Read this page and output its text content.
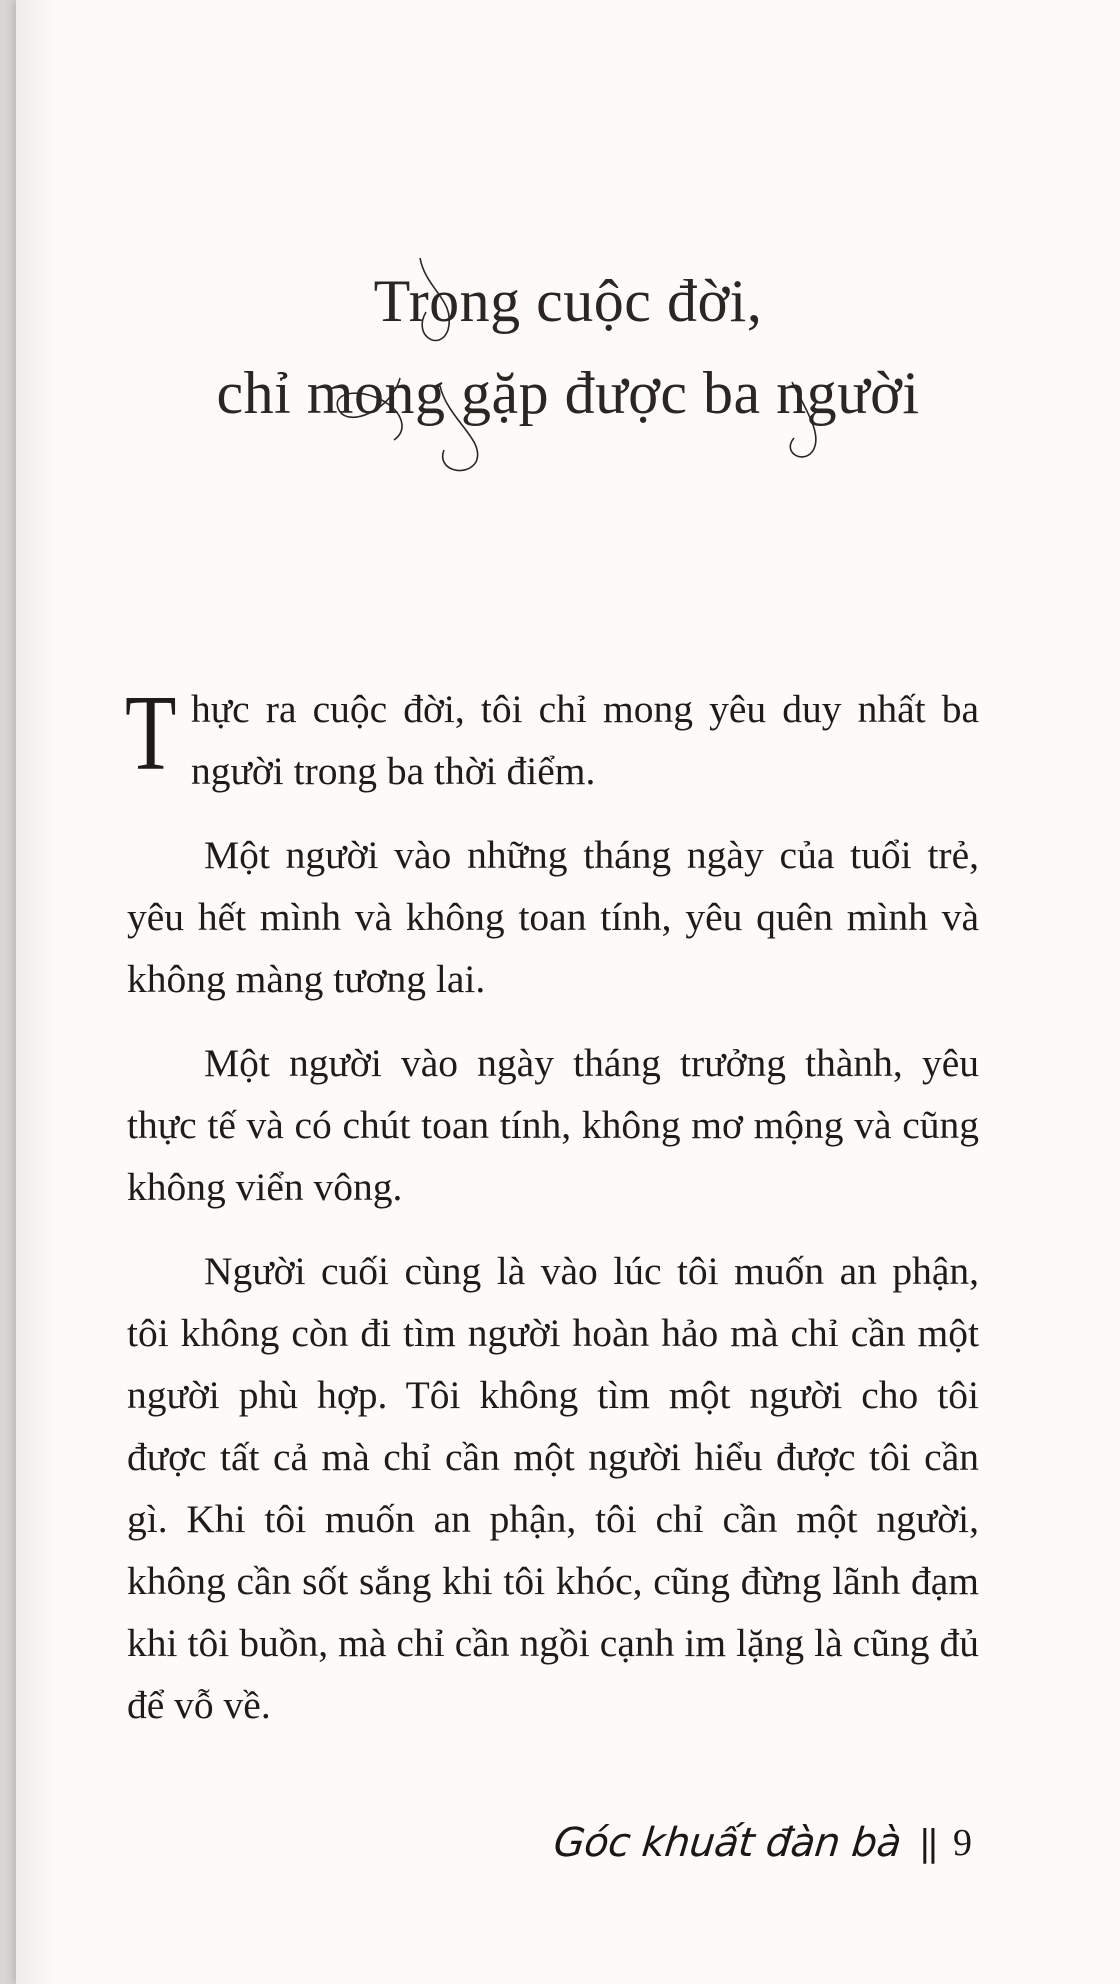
Trong cuộc đời,
chỉ mong gặp được ba người

T hực ra cuộc đời, tôi chỉ mong yêu duy nhất ba người trong ba thời điểm.

Một người vào những tháng ngày của tuổi trẻ, yêu hết mình và không toan tính, yêu quên mình và không màng tương lai.

Một người vào ngày tháng trưởng thành, yêu thực tế và có chút toan tính, không mơ mộng và cũng không viển vông.

Người cuối cùng là vào lúc tôi muốn an phận, tôi không còn đi tìm người hoàn hảo mà chỉ cần một người phù hợp. Tôi không tìm một người cho tôi được tất cả mà chỉ cần một người hiểu được tôi cần gì. Khi tôi muốn an phận, tôi chỉ cần một người, không cần sốt sắng khi tôi khóc, cũng đừng lãnh đạm khi tôi buồn, mà chỉ cần ngồi cạnh im lặng là cũng đủ để vỗ về.

Góc khuất đàn bà || 9
